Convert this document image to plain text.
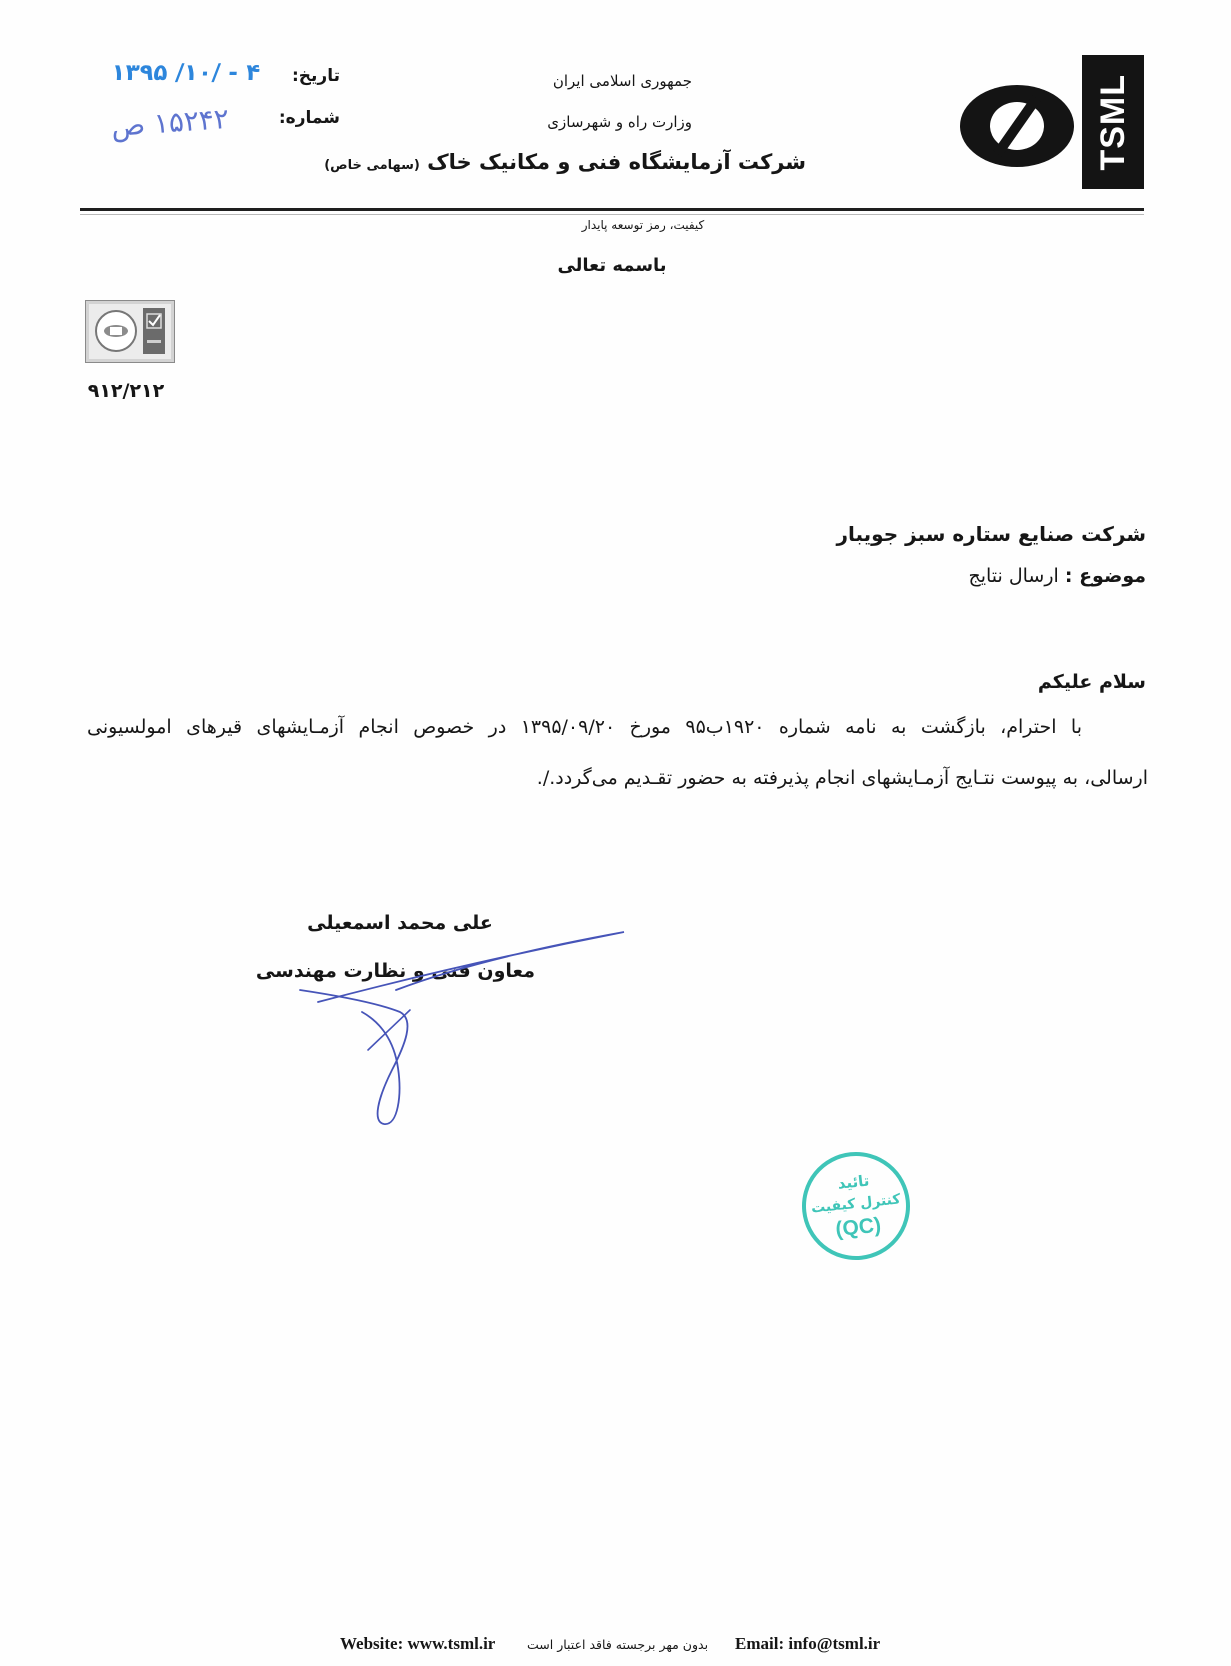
TSML
جمهوری اسلامی ایران
وزارت راه و شهرسازی
شرکت آزمایشگاه فنی و مکانیک خاک (سهامی خاص)
تاریخ:
شماره:
۱۳۹۵ /۱۰/ - ۴
۱۵۲۴۲ ص
کیفیت، رمز توسعه پایدار
باسمه تعالی
۹۱۲/۲۱۲
شرکت صنایع ستاره سبز جویبار
موضوع : ارسال نتایج
سلام علیکم
با احترام، بازگشت به نامه شماره ۱۹۲۰ب۹۵ مورخ ۱۳۹۵/۰۹/۲۰ در خصوص انجام آزمـایشهای قیرهای امولسیونی
ارسالی، به پیوست نتـایج آزمـایشهای انجام پذیرفته به حضور تقـدیم می‌گردد./.
علی محمد اسمعیلی
معاون فنی و نظارت مهندسی
تائید
کنترل کیفیت
(QC)
Website: www.tsml.ir	بدون مهر برجسته فاقد اعتبار است Email: info@tsml.ir
